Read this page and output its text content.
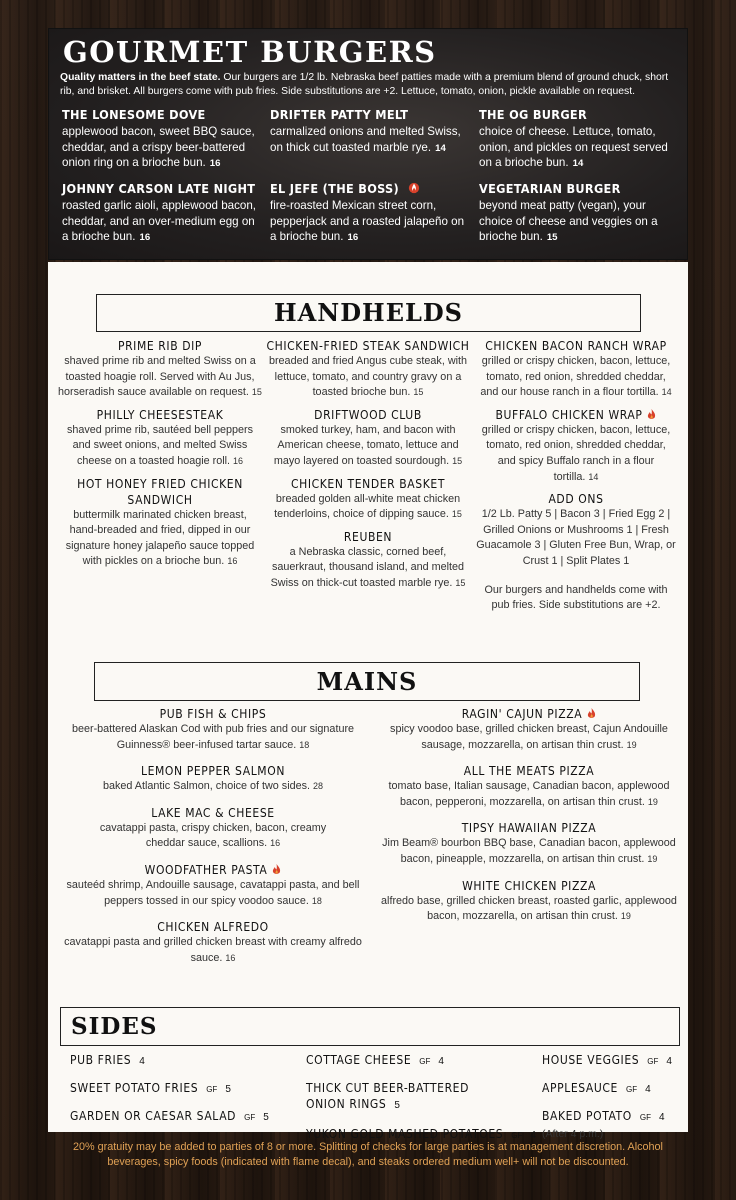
GOURMET BURGERS
Quality matters in the beef state. Our burgers are 1/2 lb. Nebraska beef patties made with a premium blend of ground chuck, short rib, and brisket. All burgers come with pub fries. Side substitutions are +2. Lettuce, tomato, onion, pickle available on request.
THE LONESOME DOVE
applewood bacon, sweet BBQ sauce, cheddar, and a crispy beer-battered onion ring on a brioche bun. 16
DRIFTER PATTY MELT
carmalized onions and melted Swiss, on thick cut toasted marble rye. 14
THE OG BURGER
choice of cheese. Lettuce, tomato, onion, and pickles on request served on a brioche bun. 14
JOHNNY CARSON LATE NIGHT
roasted garlic aioli, applewood bacon, cheddar, and an over-medium egg on a brioche bun. 16
EL JEFE (THE BOSS)
fire-roasted Mexican street corn, pepperjack and a roasted jalapeño on a brioche bun. 16
VEGETARIAN BURGER
beyond meat patty (vegan), your choice of cheese and veggies on a brioche bun. 15
HANDHELDS
PRIME RIB DIP
shaved prime rib and melted Swiss on a toasted hoagie roll. Served with Au Jus, horseradish sauce available on request. 15
PHILLY CHEESESTEAK
shaved prime rib, sautéed bell peppers and sweet onions, and melted Swiss cheese on a toasted hoagie roll. 16
HOT HONEY FRIED CHICKEN SANDWICH
buttermilk marinated chicken breast, hand-breaded and fried, dipped in our signature honey jalapeño sauce topped with pickles on a brioche bun. 16
CHICKEN-FRIED STEAK SANDWICH
breaded and fried Angus cube steak, with lettuce, tomato, and country gravy on a toasted brioche bun. 15
DRIFTWOOD CLUB
smoked turkey, ham, and bacon with American cheese, tomato, lettuce and mayo layered on toasted sourdough. 15
CHICKEN TENDER BASKET
breaded golden all-white meat chicken tenderloins, choice of dipping sauce. 15
REUBEN
a Nebraska classic, corned beef, sauerkraut, thousand island, and melted Swiss on thick-cut toasted marble rye. 15
CHICKEN BACON RANCH WRAP
grilled or crispy chicken, bacon, lettuce, tomato, red onion, shredded cheddar, and our house ranch in a flour tortilla. 14
BUFFALO CHICKEN WRAP
grilled or crispy chicken, bacon, lettuce, tomato, red onion, shredded cheddar, and spicy Buffalo ranch in a flour tortilla. 14
ADD ONS
1/2 Lb. Patty 5 | Bacon 3 | Fried Egg 2 | Grilled Onions or Mushrooms 1 | Fresh Guacamole 3 | Gluten Free Bun, Wrap, or Crust 1 | Split Plates 1
Our burgers and handhelds come with pub fries. Side substitutions are +2.
MAINS
PUB FISH & CHIPS
beer-battered Alaskan Cod with pub fries and our signature Guinness® beer-infused tartar sauce. 18
LEMON PEPPER SALMON
baked Atlantic Salmon, choice of two sides. 28
LAKE MAC & CHEESE
cavatappi pasta, crispy chicken, bacon, creamy cheddar sauce, scallions. 16
WOODFATHER PASTA
sauteéd shrimp, Andouille sausage, cavatappi pasta, and bell peppers tossed in our spicy voodoo sauce. 18
CHICKEN ALFREDO
cavatappi pasta and grilled chicken breast with creamy alfredo sauce. 16
RAGIN' CAJUN PIZZA
spicy voodoo base, grilled chicken breast, Cajun Andouille sausage, mozzarella, on artisan thin crust. 19
ALL THE MEATS PIZZA
tomato base, Italian sausage, Canadian bacon, applewood bacon, pepperoni, mozzarella, on artisan thin crust. 19
TIPSY HAWAIIAN PIZZA
Jim Beam® bourbon BBQ base, Canadian bacon, applewood bacon, pineapple, mozzarella, on artisan thin crust. 19
WHITE CHICKEN PIZZA
alfredo base, grilled chicken breast, roasted garlic, applewood bacon, mozzarella, on artisan thin crust. 19
SIDES
PUB FRIES 4
SWEET POTATO FRIES GF 5
GARDEN OR CAESAR SALAD GF 5
COTTAGE CHEESE GF 4
THICK CUT BEER-BATTERED
ONION RINGS 5
YUKON GOLD MASHED POTATOES GF 4
HOUSE VEGGIES GF 4
APPLESAUCE GF 4
BAKED POTATO GF 4
(After 4 p.m.)
20% gratuity may be added to parties of 8 or more. Splitting of checks for large parties is at management discretion. Alcohol beverages, spicy foods (indicated with flame decal), and steaks ordered medium well+ will not be discounted.
